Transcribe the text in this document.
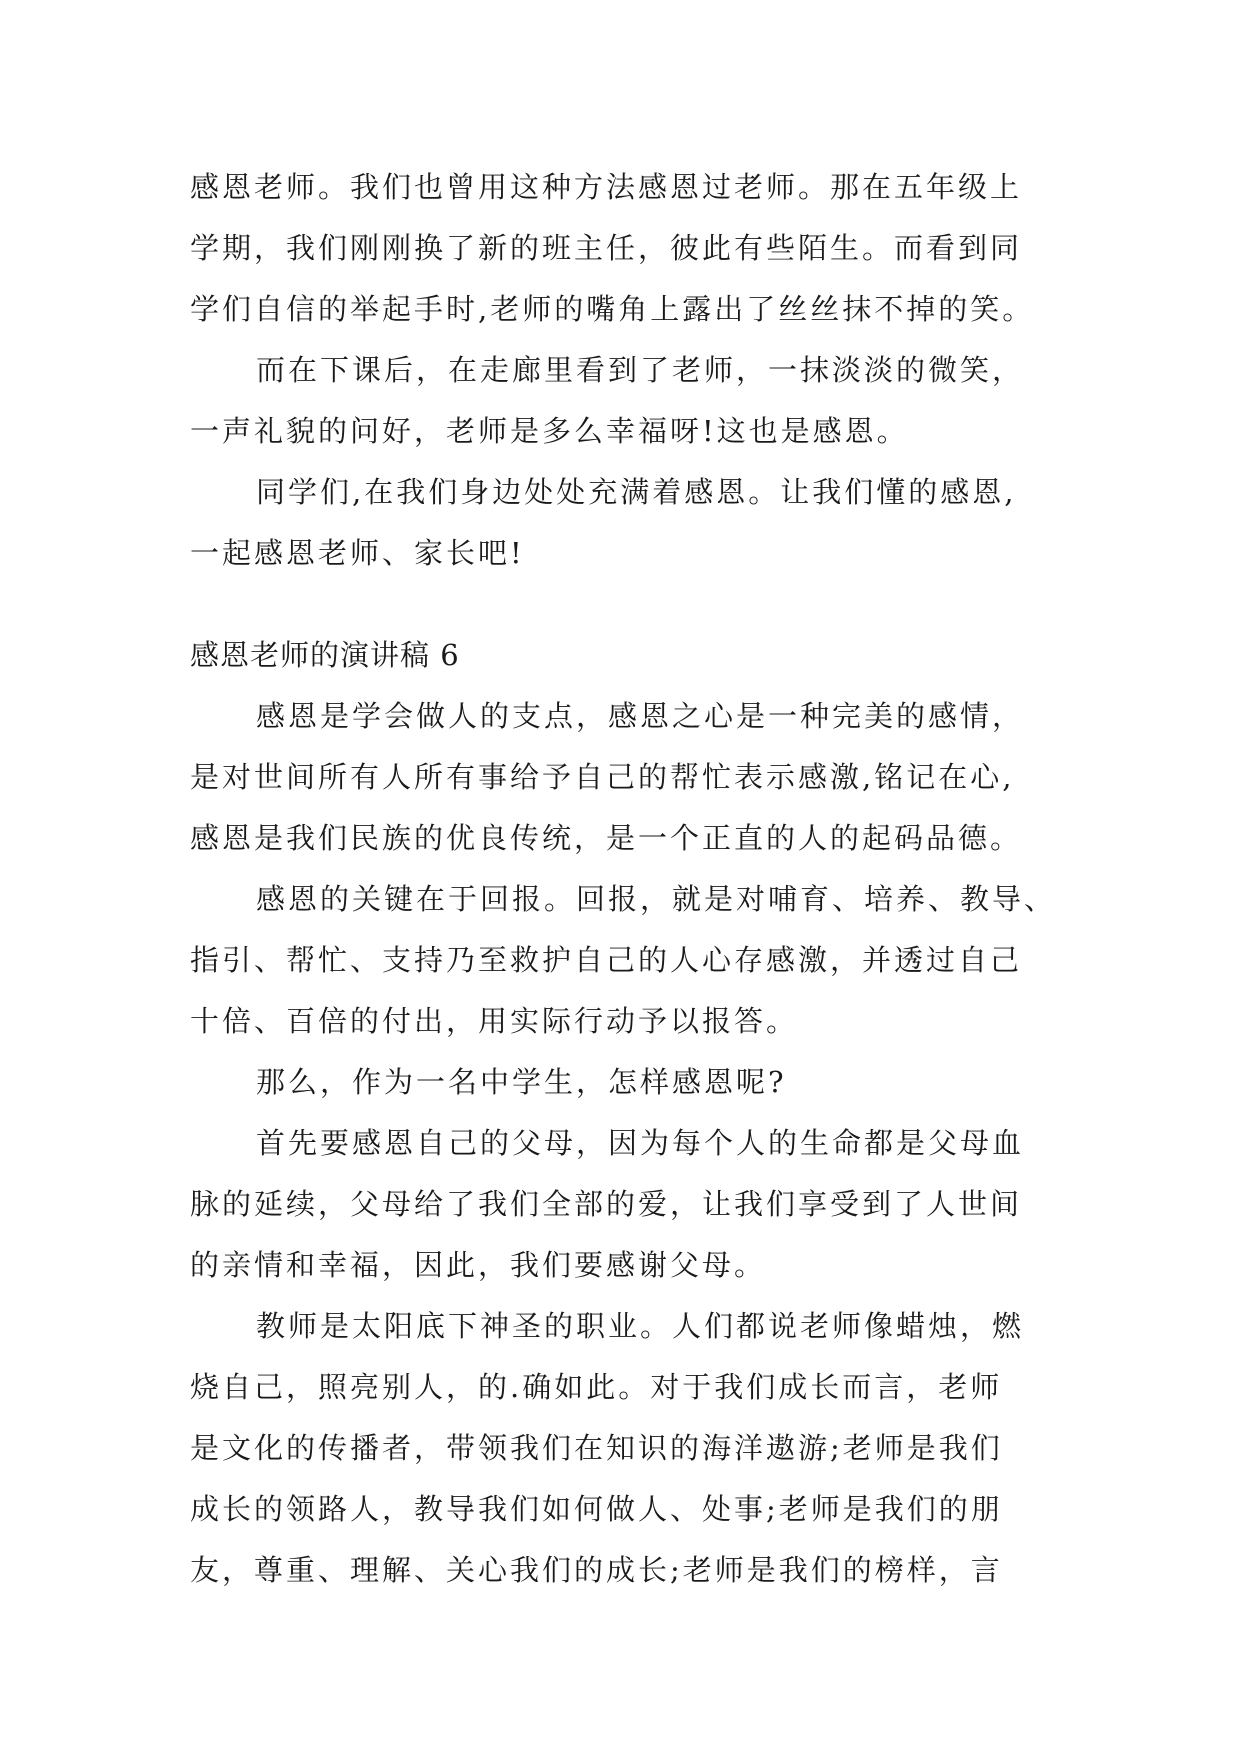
感恩老师。我们也曾用这种方法感恩过老师。那在五年级上
学期，我们刚刚换了新的班主任，彼此有些陌生。而看到同
学们自信的举起手时,老师的嘴角上露出了丝丝抹不掉的笑。
而在下课后，在走廊里看到了老师，一抹淡淡的微笑，
一声礼貌的问好，老师是多么幸福呀!这也是感恩。
同学们,在我们身边处处充满着感恩。让我们懂的感恩,
一起感恩老师、家长吧!
感恩老师的演讲稿 6
感恩是学会做人的支点，感恩之心是一种完美的感情，
是对世间所有人所有事给予自己的帮忙表示感激,铭记在心,
感恩是我们民族的优良传统，是一个正直的人的起码品德。
感恩的关键在于回报。回报，就是对哺育、培养、教导、
指引、帮忙、支持乃至救护自己的人心存感激，并透过自己
十倍、百倍的付出，用实际行动予以报答。
那么，作为一名中学生，怎样感恩呢?
首先要感恩自己的父母，因为每个人的生命都是父母血
脉的延续，父母给了我们全部的爱，让我们享受到了人世间
的亲情和幸福，因此，我们要感谢父母。
教师是太阳底下神圣的职业。人们都说老师像蜡烛，燃
烧自己，照亮别人，的.确如此。对于我们成长而言，老师
是文化的传播者，带领我们在知识的海洋遨游;老师是我们
成长的领路人，教导我们如何做人、处事;老师是我们的朋
友，尊重、理解、关心我们的成长;老师是我们的榜样，言
